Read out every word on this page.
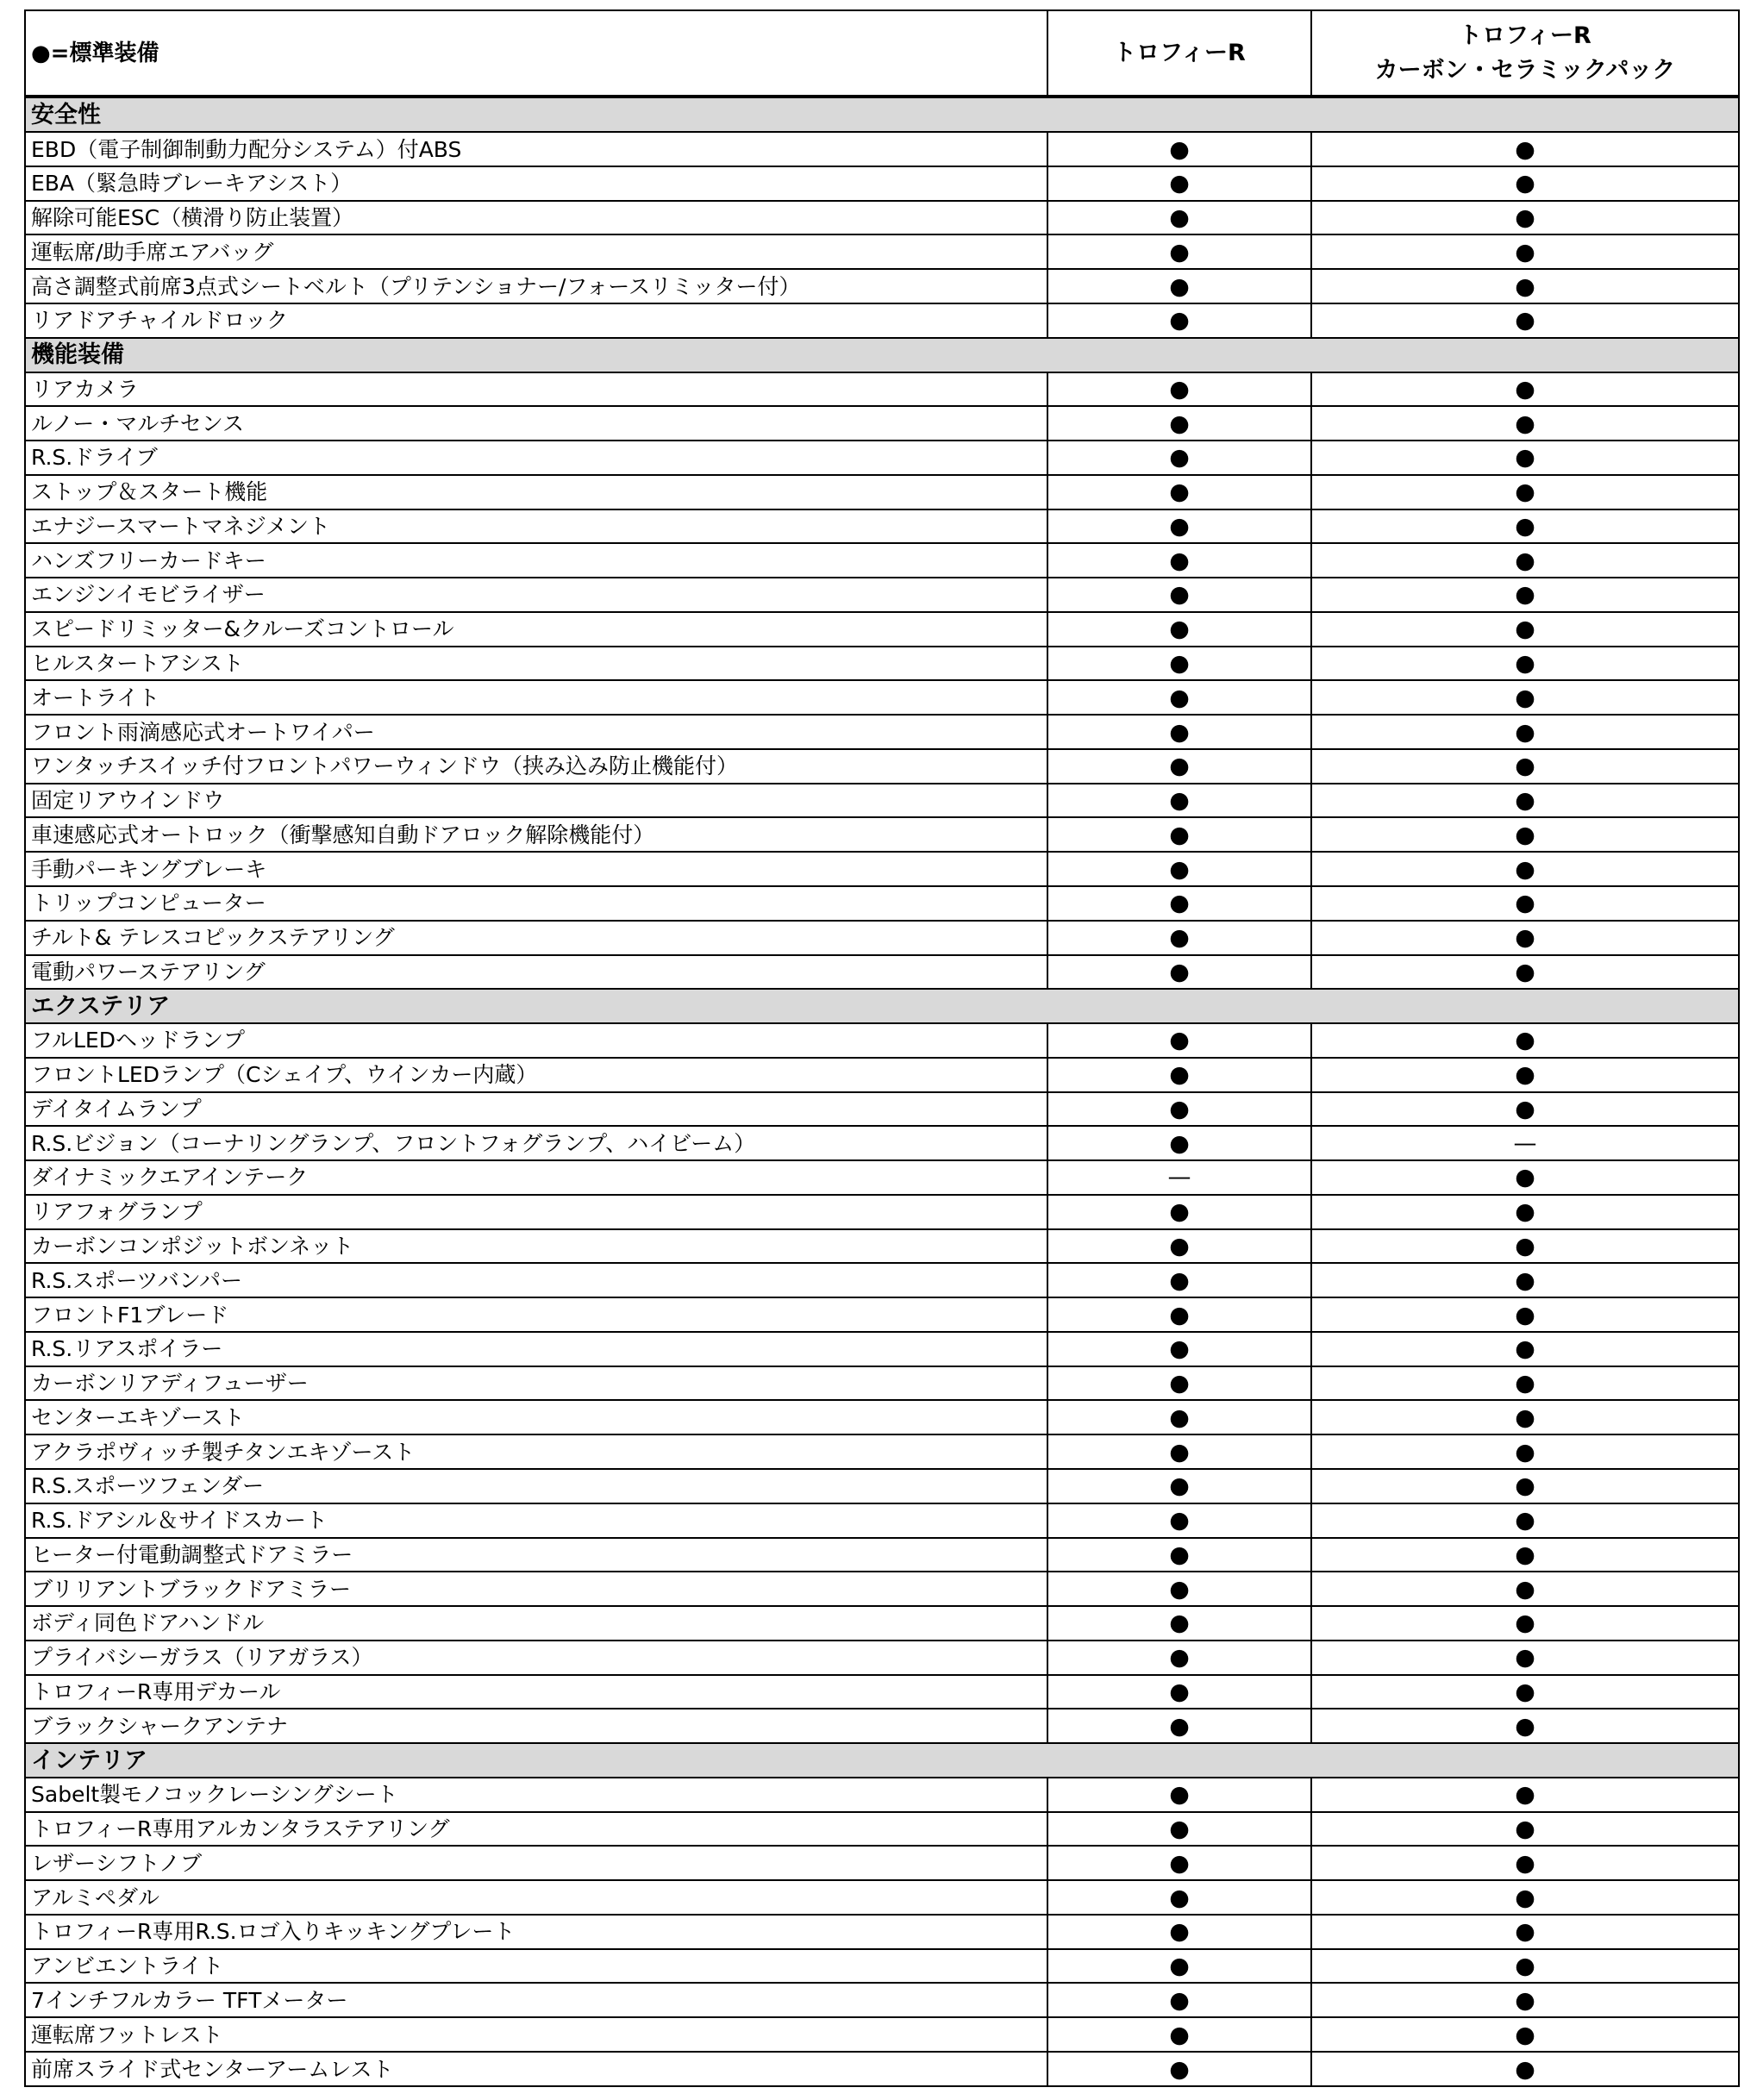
●=標準装備	トロフィーR	トロフィーR
カーボン・セラミックパック
安全性		
EBD（電子制御制動力配分システム）付ABS	●	●
EBA（緊急時ブレーキアシスト）	●	●
解除可能ESC（横滑り防止装置）	●	●
運転席/助手席エアバッグ	●	●
高さ調整式前席3点式シートベルト（プリテンショナー/フォースリミッター付）	●	●
リアドアチャイルドロック	●	●
機能装備		
リアカメラ	●	●
ルノー・マルチセンス	●	●
R.S.ドライブ	●	●
ストップ＆スタート機能	●	●
エナジースマートマネジメント	●	●
ハンズフリーカードキー	●	●
エンジンイモビライザー	●	●
スピードリミッター&クルーズコントロール	●	●
ヒルスタートアシスト	●	●
オートライト	●	●
フロント雨滴感応式オートワイパー	●	●
ワンタッチスイッチ付フロントパワーウィンドウ（挟み込み防止機能付）	●	●
固定リアウインドウ	●	●
車速感応式オートロック（衝撃感知自動ドアロック解除機能付）	●	●
手動パーキングブレーキ	●	●
トリップコンピューター	●	●
チルト& テレスコピックステアリング	●	●
電動パワーステアリング	●	●
エクステリア		
フルLEDヘッドランプ	●	●
フロントLEDランプ（Cシェイプ、ウインカー内蔵）	●	●
デイタイムランプ	●	●
R.S.ビジョン（コーナリングランプ、フロントフォグランプ、ハイビーム）	●	—
ダイナミックエアインテーク	—	●
リアフォグランプ	●	●
カーボンコンポジットボンネット	●	●
R.S.スポーツバンパー	●	●
フロントF1ブレード	●	●
R.S.リアスポイラー	●	●
カーボンリアディフューザー	●	●
センターエキゾースト	●	●
アクラポヴィッチ製チタンエキゾースト	●	●
R.S.スポーツフェンダー	●	●
R.S.ドアシル＆サイドスカート	●	●
ヒーター付電動調整式ドアミラー	●	●
ブリリアントブラックドアミラー	●	●
ボディ同色ドアハンドル	●	●
プライバシーガラス（リアガラス）	●	●
トロフィーR専用デカール	●	●
ブラックシャークアンテナ	●	●
インテリア		
Sabelt製モノコックレーシングシート	●	●
トロフィーR専用アルカンタラステアリング	●	●
レザーシフトノブ	●	●
アルミペダル	●	●
トロフィーR専用R.S.ロゴ入りキッキングプレート	●	●
アンビエントライト	●	●
7インチフルカラー TFTメーター	●	●
運転席フットレスト	●	●
前席スライド式センターアームレスト	●	●
